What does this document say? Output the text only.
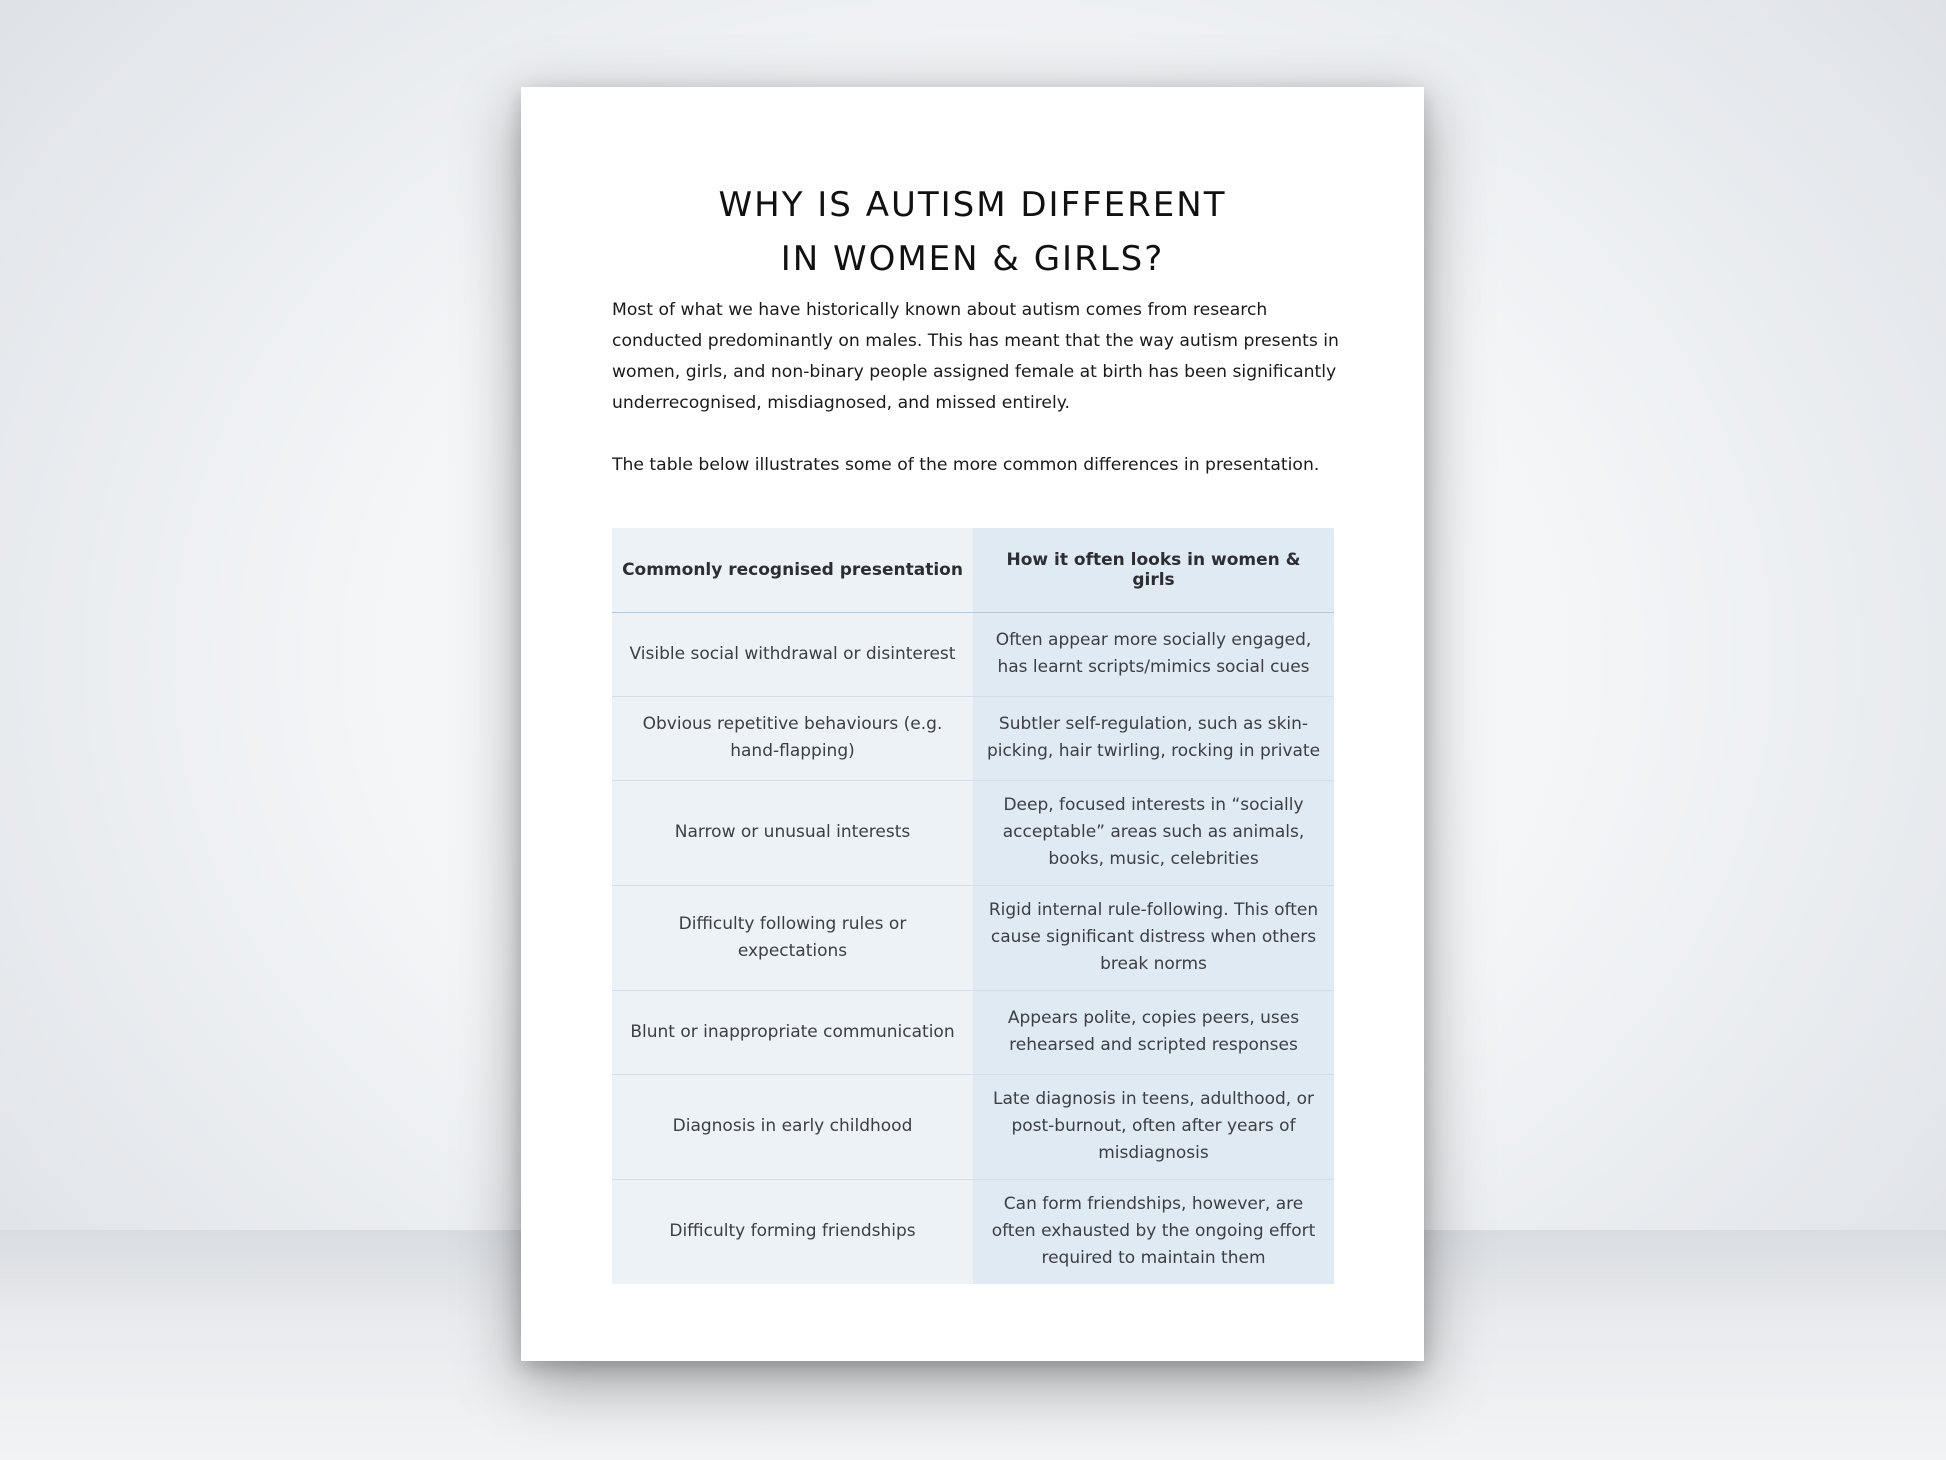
WHY IS AUTISM DIFFERENT
IN WOMEN & GIRLS?

Most of what we have historically known about autism comes from research conducted predominantly on males. This has meant that the way autism presents in women, girls, and non-binary people assigned female at birth has been significantly underrecognised, misdiagnosed, and missed entirely.

The table below illustrates some of the more common differences in presentation.

Commonly recognised presentation	How it often looks in women & girls
Visible social withdrawal or disinterest	Often appear more socially engaged, has learnt scripts/mimics social cues
Obvious repetitive behaviours (e.g. hand-flapping)	Subtler self-regulation, such as skin-picking, hair twirling, rocking in private
Narrow or unusual interests	Deep, focused interests in “socially acceptable” areas such as animals, books, music, celebrities
Difficulty following rules or expectations	Rigid internal rule-following. This often cause significant distress when others break norms
Blunt or inappropriate communication	Appears polite, copies peers, uses rehearsed and scripted responses
Diagnosis in early childhood	Late diagnosis in teens, adulthood, or post-burnout, often after years of misdiagnosis
Difficulty forming friendships	Can form friendships, however, are often exhausted by the ongoing effort required to maintain them
